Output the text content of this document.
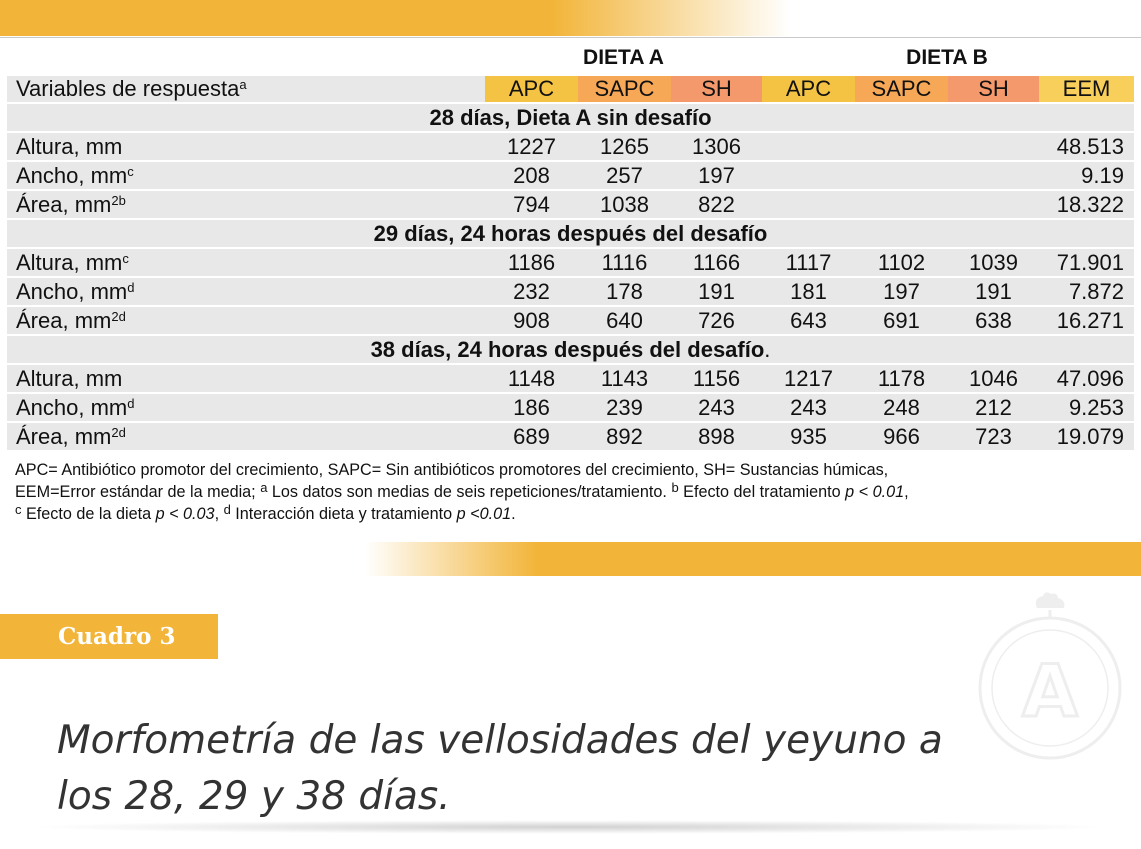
DIETA A	DIETA B
Variables de respuesta$^a$	APC	SAPC	SH	APC	SAPC	SH	EEM
28 días, Dieta A sin desafío							
Altura, mm	1227	1265	1306				48.513
Ancho, $mm^c$	208	257	197				9.19
Área, $mm^{2b}$	794	1038	822				18.322
29 días, 24 horas después del desafío							
Altura, $mm^c$	1186	1116	1166	1117	1102	1039	71.901
Ancho, $mm^d$	232	178	191	181	197	191	7.872
Área, $mm^{2d}$	908	640	726	643	691	638	16.271
38 días, 24 horas después del desafío.							
Altura, mm	1148	1143	1156	1217	1178	1046	47.096
Ancho, $mm^d$	186	239	243	243	248	212	9.253
Área, $mm^{2d}$	689	892	898	935	966	723	19.079
APC= Antibiótico promotor del crecimiento, SAPC= Sin antibióticos promotores del crecimiento, SH= Sustancias húmicas,
EEM=Error estándar de la media; $^a$ Los datos son medias de seis repeticiones/tratamiento. $^b$ Efecto del tratamiento p < 0.01,
$^c$ Efecto de la dieta p < 0.03, $^d$ Interacción dieta y tratamiento p <0.01.
Cuadro 3
Morfometría de las vellosidades del yeyuno a los 28, 29 y 38 días.
A
